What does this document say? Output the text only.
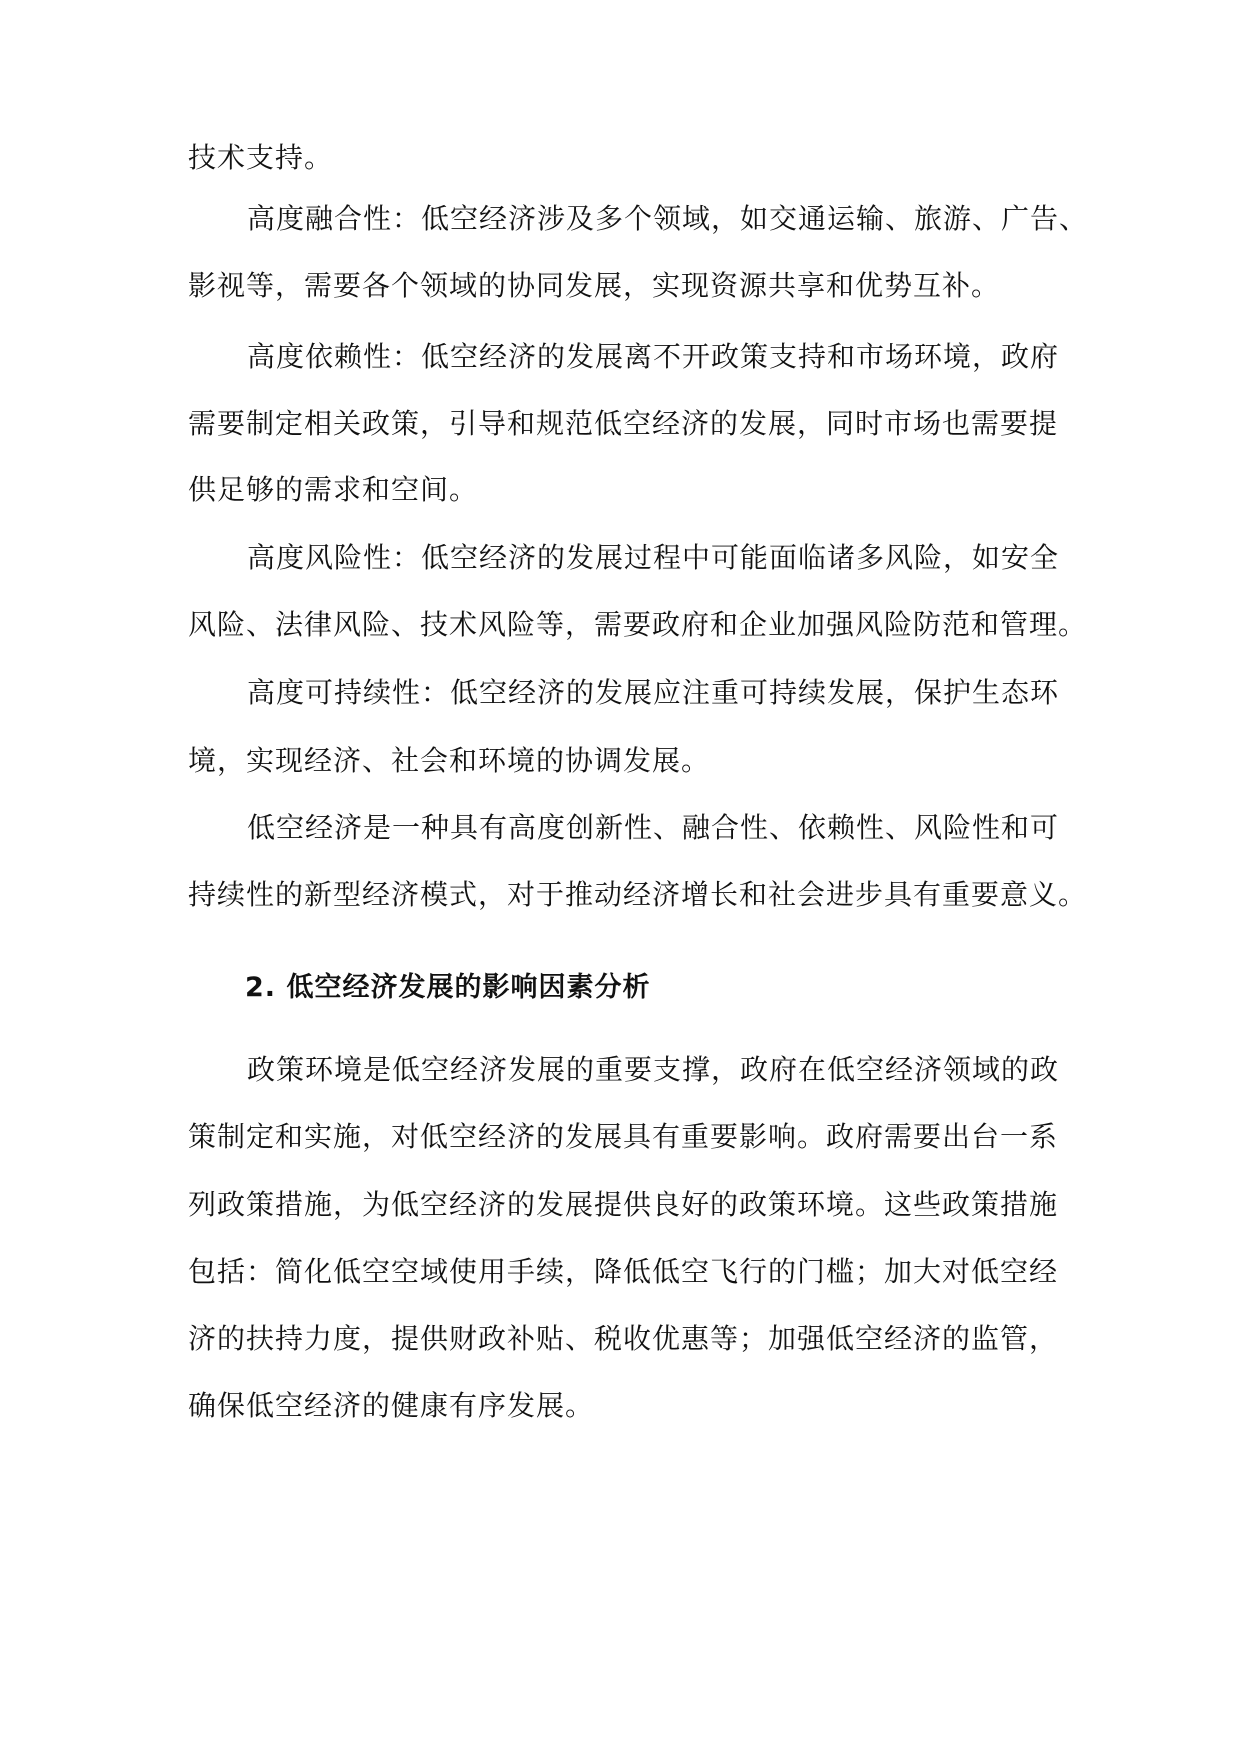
技术支持。
高度融合性：低空经济涉及多个领域，如交通运输、旅游、广告、
影视等，需要各个领域的协同发展，实现资源共享和优势互补。
高度依赖性：低空经济的发展离不开政策支持和市场环境，政府
需要制定相关政策，引导和规范低空经济的发展，同时市场也需要提
供足够的需求和空间。
高度风险性：低空经济的发展过程中可能面临诸多风险，如安全
风险、法律风险、技术风险等，需要政府和企业加强风险防范和管理。
高度可持续性：低空经济的发展应注重可持续发展，保护生态环
境，实现经济、社会和环境的协调发展。
低空经济是一种具有高度创新性、融合性、依赖性、风险性和可
持续性的新型经济模式，对于推动经济增长和社会进步具有重要意义。
2. 低空经济发展的影响因素分析
政策环境是低空经济发展的重要支撑，政府在低空经济领域的政
策制定和实施，对低空经济的发展具有重要影响。政府需要出台一系
列政策措施，为低空经济的发展提供良好的政策环境。这些政策措施
包括：简化低空空域使用手续，降低低空飞行的门槛；加大对低空经
济的扶持力度，提供财政补贴、税收优惠等；加强低空经济的监管，
确保低空经济的健康有序发展。
